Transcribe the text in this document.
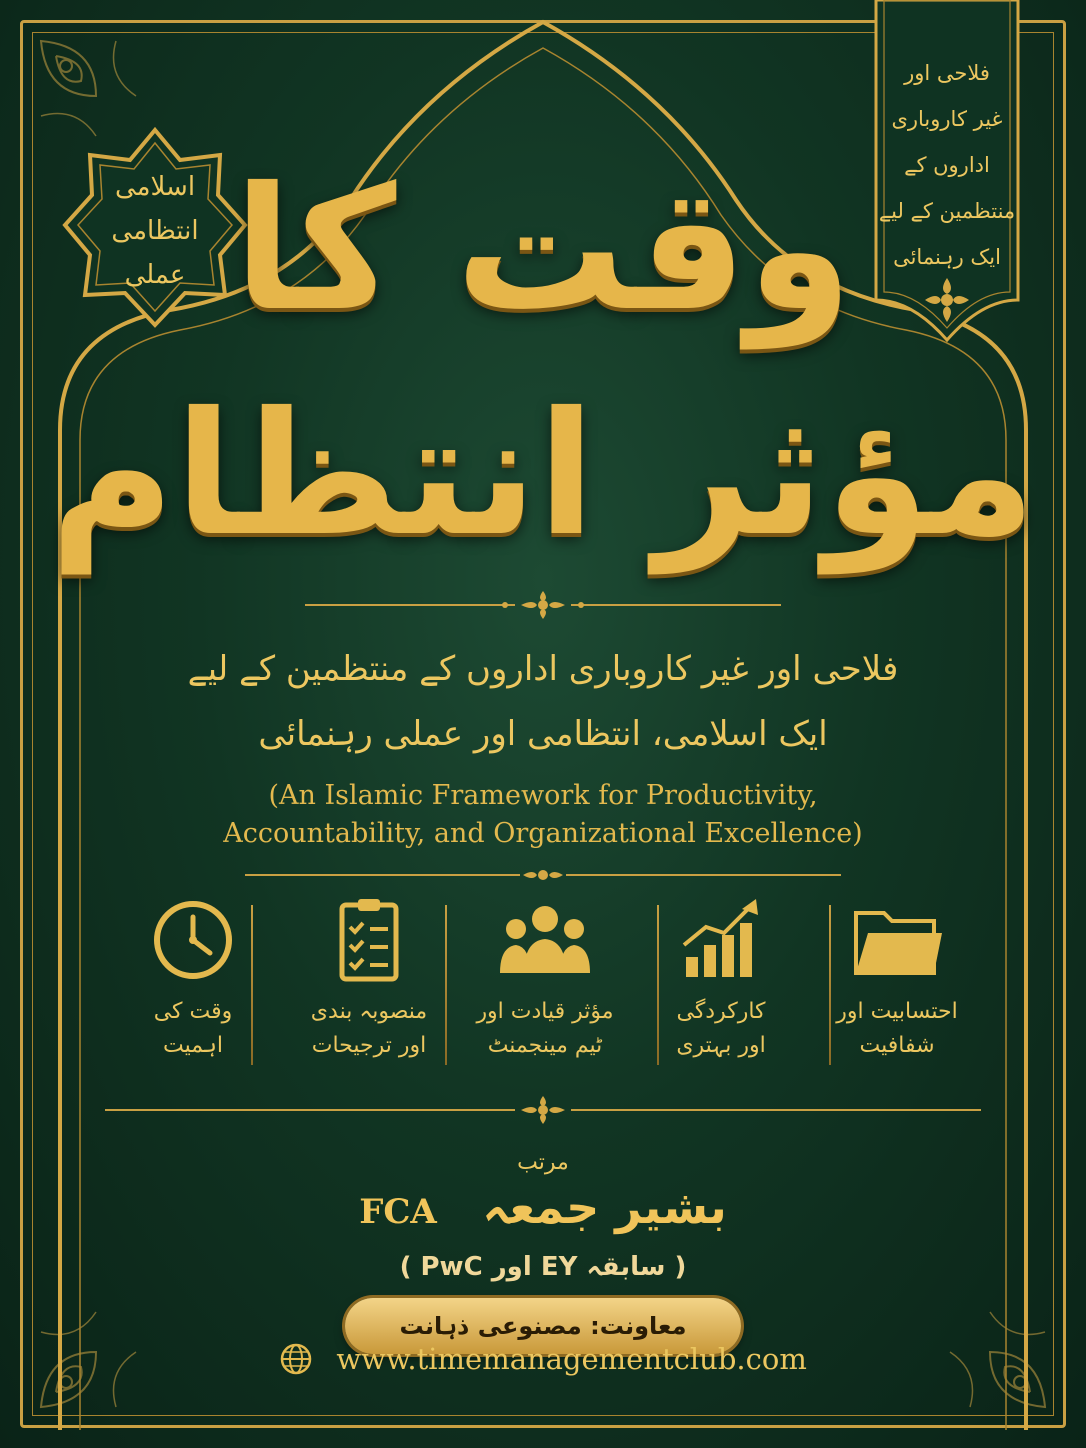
اسلامی
انتظامی
عملی
فلاحی اور
غیر کاروباری
اداروں کے
منتظمین کے لیے
ایک رہنمائی
وقت کا
مؤثر انتظام
فلاحی اور غیر کاروباری اداروں کے منتظمین کے لیے
ایک اسلامی، انتظامی اور عملی رہنمائی
(An Islamic Framework for Productivity,
Accountability, and Organizational Excellence)
وقت کی
اہمیت
منصوبہ بندی
اور ترجیحات
مؤثر قیادت اور
ٹیم مینجمنٹ
کارکردگی
اور بہتری
احتسابیت اور
شفافیت
مرتب
FCA بشیر جمعہ
( سابقہ EY اور PwC )
معاونت: مصنوعی ذہانت
www.timemanagementclub.com
